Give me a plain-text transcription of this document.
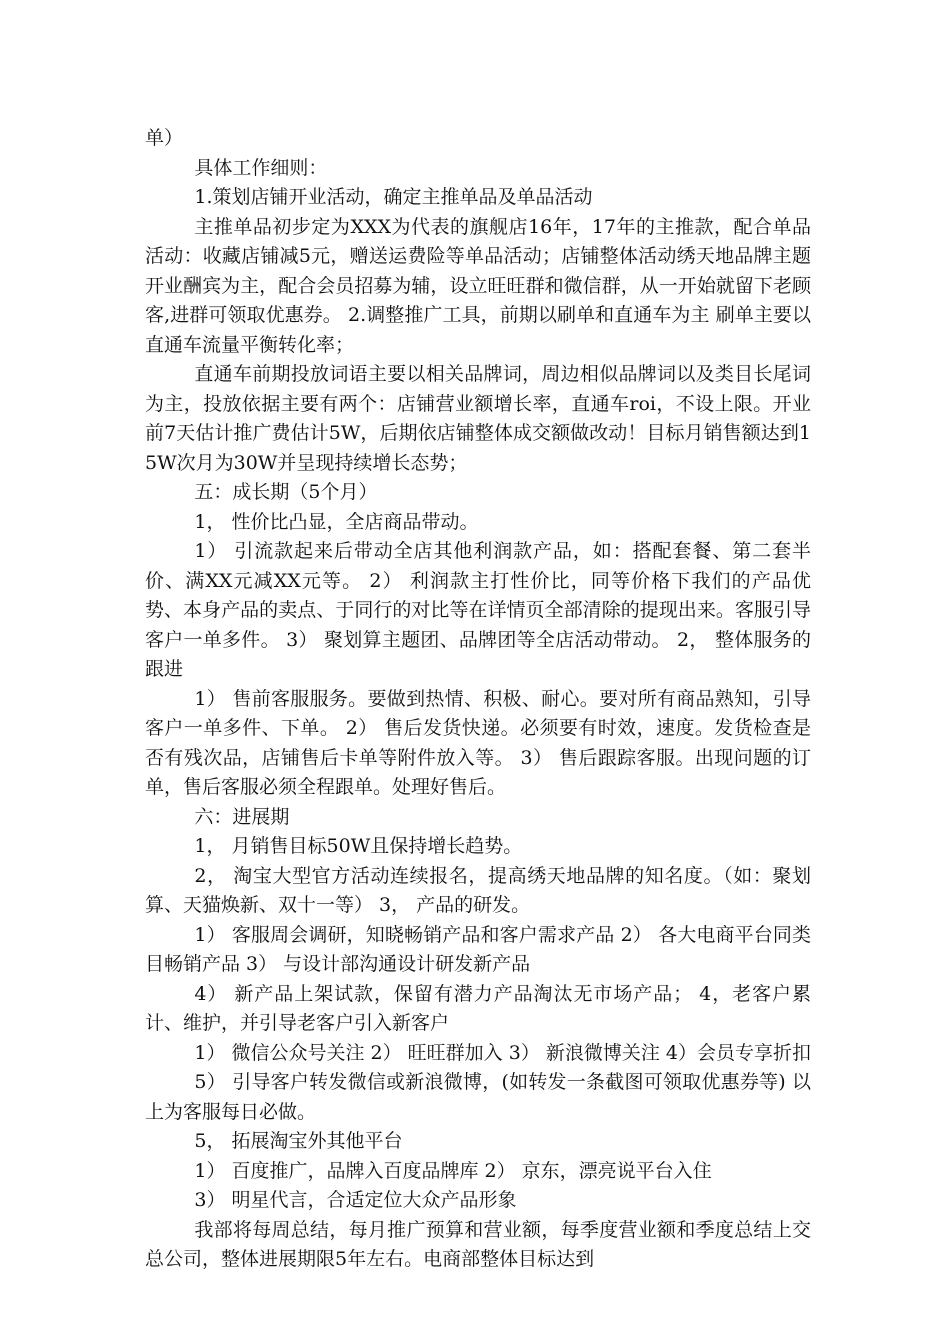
单）

具体工作细则：

1.策划店铺开业活动，确定主推单品及单品活动

主推单品初步定为XXX为代表的旗舰店16年，17年的主推款，配合单品活动：收藏店铺减5元，赠送运费险等单品活动；店铺整体活动绣天地品牌主题开业酬宾为主，配合会员招募为辅，设立旺旺群和微信群，从一开始就留下老顾客,进群可领取优惠券。 2.调整推广工具，前期以刷单和直通车为主 刷单主要以直通车流量平衡转化率；

直通车前期投放词语主要以相关品牌词，周边相似品牌词以及类目长尾词为主，投放依据主要有两个：店铺营业额增长率，直通车roi，不设上限。开业前7天估计推广费估计5W，后期依店铺整体成交额做改动！目标月销售额达到15W次月为30W并呈现持续增长态势；

五：成长期（5个月）

1， 性价比凸显，全店商品带动。

1） 引流款起来后带动全店其他利润款产品，如：搭配套餐、第二套半价、满XX元减XX元等。 2） 利润款主打性价比，同等价格下我们的产品优势、本身产品的卖点、于同行的对比等在详情页全部清除的提现出来。客服引导客户一单多件。 3） 聚划算主题团、品牌团等全店活动带动。 2， 整体服务的跟进

1） 售前客服服务。要做到热情、积极、耐心。要对所有商品熟知，引导客户一单多件、下单。 2） 售后发货快递。必须要有时效，速度。发货检查是否有残次品，店铺售后卡单等附件放入等。 3） 售后跟踪客服。出现问题的订单，售后客服必须全程跟单。处理好售后。

六：进展期

1， 月销售目标50W且保持增长趋势。

2， 淘宝大型官方活动连续报名，提高绣天地品牌的知名度。（如：聚划算、天猫焕新、双十一等） 3， 产品的研发。

1） 客服周会调研，知晓畅销产品和客户需求产品 2） 各大电商平台同类目畅销产品 3） 与设计部沟通设计研发新产品

4） 新产品上架试款，保留有潜力产品淘汰无市场产品； 4，老客户累计、维护，并引导老客户引入新客户

1） 微信公众号关注 2） 旺旺群加入 3） 新浪微博关注 4）会员专享折扣

5） 引导客户转发微信或新浪微博，(如转发一条截图可领取优惠券等) 以上为客服每日必做。

5， 拓展淘宝外其他平台

1） 百度推广，品牌入百度品牌库 2） 京东，漂亮说平台入住

3） 明星代言，合适定位大众产品形象

我部将每周总结，每月推广预算和营业额，每季度营业额和季度总结上交总公司，整体进展期限5年左右。电商部整体目标达到
